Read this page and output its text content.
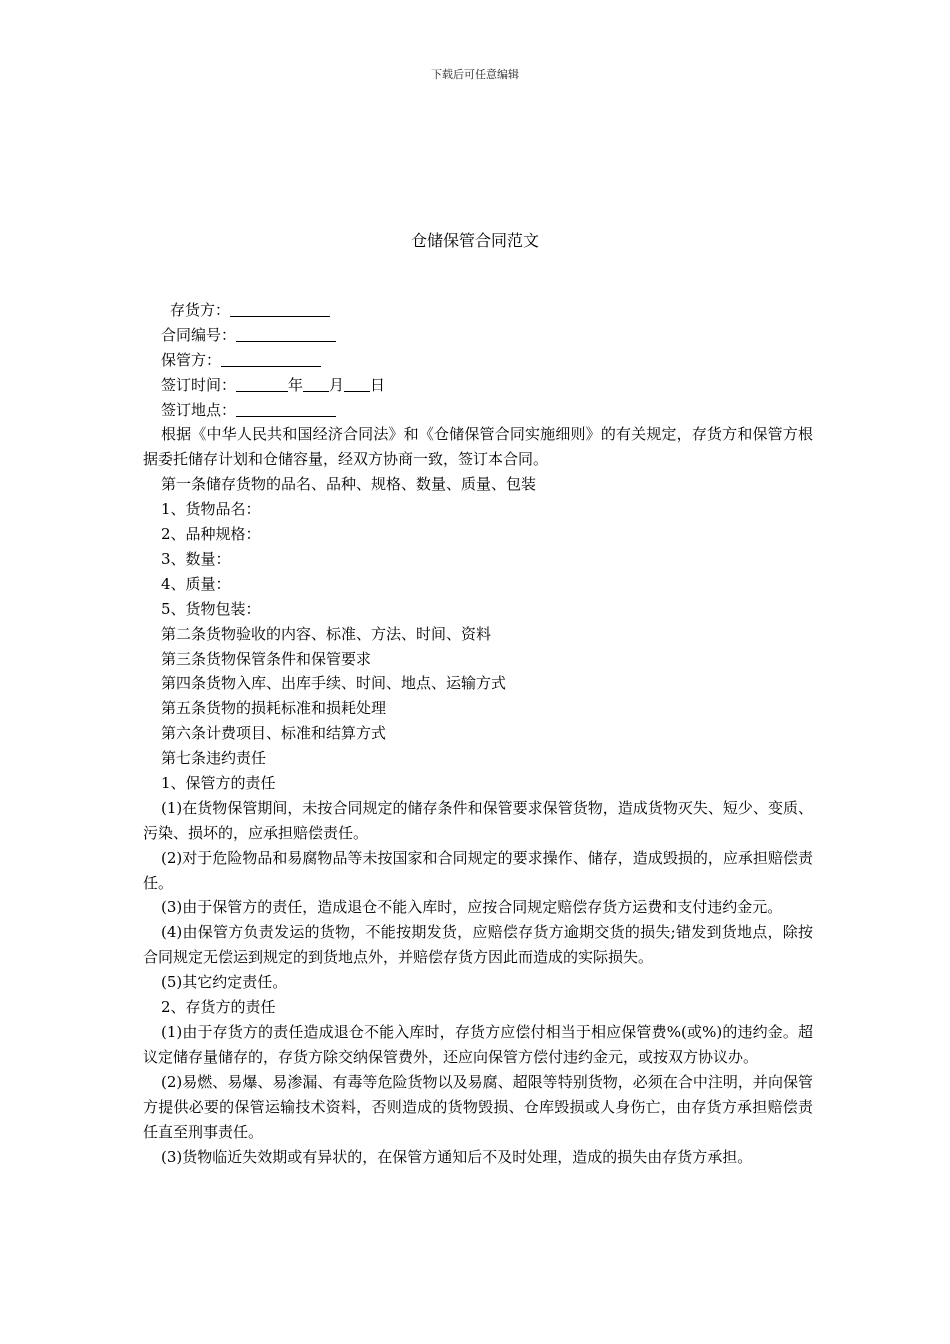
下载后可任意编辑
仓储保管合同范文
存货方：
合同编号：
保管方：
签订时间：	年 月 日
签订地点：
根据《中华人民共和国经济合同法》和《仓储保管合同实施细则》的有关规定，存货方和保管方根据委托储存计划和仓储容量，经双方协商一致，签订本合同。
第一条储存货物的品名、品种、规格、数量、质量、包装
1、货物品名：
2、品种规格：
3、数量：
4、质量：
5、货物包装：
第二条货物验收的内容、标准、方法、时间、资料
第三条货物保管条件和保管要求
第四条货物入库、出库手续、时间、地点、运输方式
第五条货物的损耗标准和损耗处理
第六条计费项目、标准和结算方式
第七条违约责任
1、保管方的责任
(1)在货物保管期间，未按合同规定的储存条件和保管要求保管货物，造成货物灭失、短少、变质、污染、损坏的，应承担赔偿责任。
(2)对于危险物品和易腐物品等未按国家和合同规定的要求操作、储存，造成毁损的，应承担赔偿责任。
(3)由于保管方的责任，造成退仓不能入库时，应按合同规定赔偿存货方运费和支付违约金元。
(4)由保管方负责发运的货物，不能按期发货，应赔偿存货方逾期交货的损失;错发到货地点，除按合同规定无偿运到规定的到货地点外，并赔偿存货方因此而造成的实际损失。
(5)其它约定责任。
2、存货方的责任
(1)由于存货方的责任造成退仓不能入库时，存货方应偿付相当于相应保管费%(或%)的违约金。超议定储存量储存的，存货方除交纳保管费外，还应向保管方偿付违约金元，或按双方协议办。
(2)易燃、易爆、易渗漏、有毒等危险货物以及易腐、超限等特别货物，必须在合中注明，并向保管方提供必要的保管运输技术资料，否则造成的货物毁损、仓库毁损或人身伤亡，由存货方承担赔偿责任直至刑事责任。
(3)货物临近失效期或有异状的，在保管方通知后不及时处理，造成的损失由存货方承担。
